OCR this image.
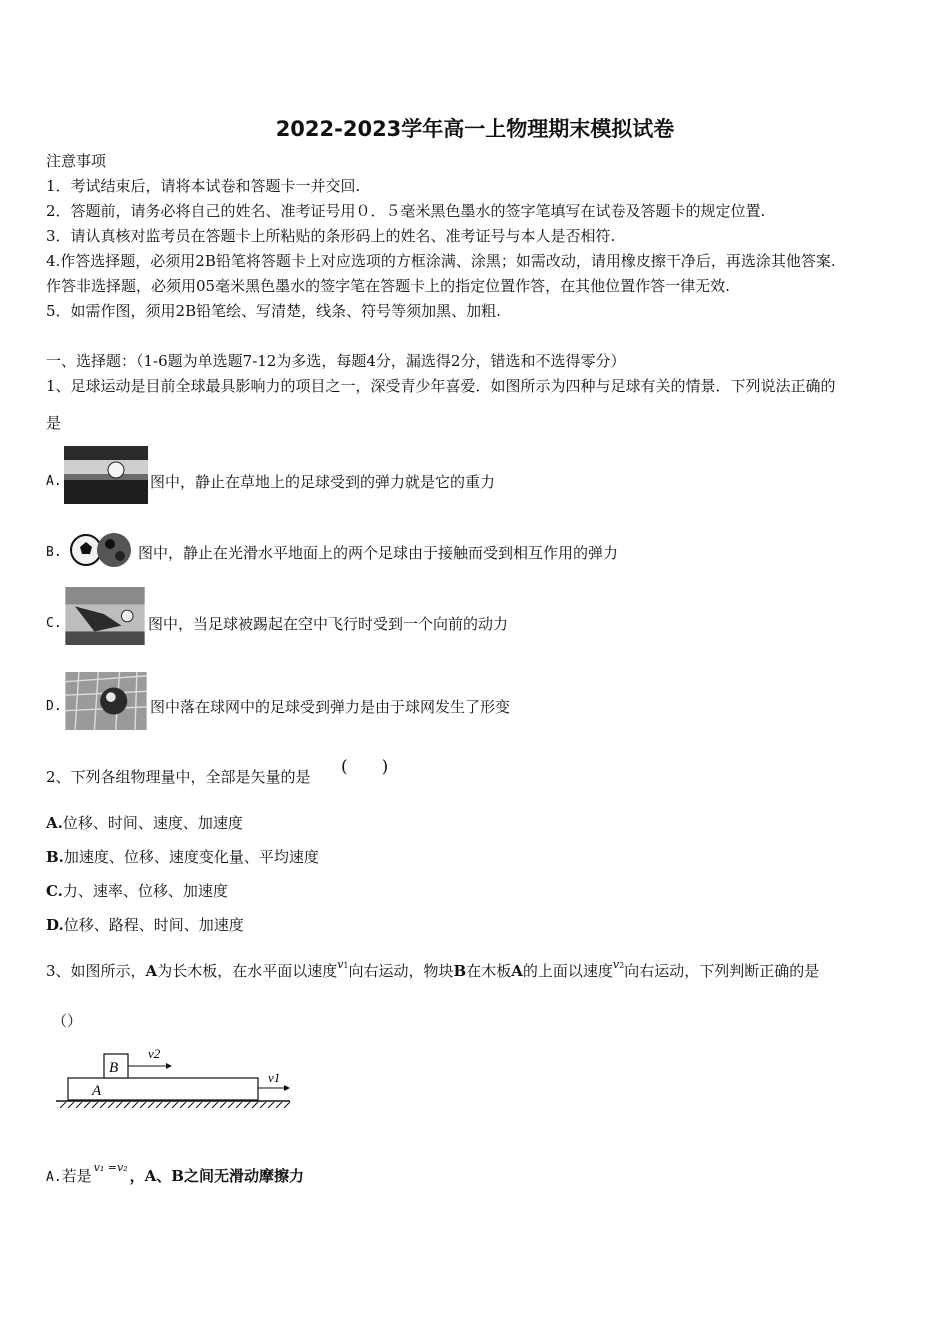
2022-2023学年高一上物理期末模拟试卷
注意事项
1．考试结束后，请将本试卷和答题卡一并交回.
2．答题前，请务必将自己的姓名、准考证号用０．５毫米黑色墨水的签字笔填写在试卷及答题卡的规定位置.
3．请认真核对监考员在答题卡上所粘贴的条形码上的姓名、准考证号与本人是否相符.
4.作答选择题，必须用2B铅笔将答题卡上对应选项的方框涂满、涂黑；如需改动，请用橡皮擦干净后，再选涂其他答案.
作答非选择题，必须用05毫米黑色墨水的签字笔在答题卡上的指定位置作答，在其他位置作答一律无效.
5．如需作图，须用2B铅笔绘、写清楚，线条、符号等须加黑、加粗.
一、选择题：（1-6题为单选题7-12为多选，每题4分，漏选得2分，错选和不选得零分）
1、足球运动是目前全球最具影响力的项目之一，深受青少年喜爱．如图所示为四种与足球有关的情景．下列说法正确的
是
A.	图中，静止在草地上的足球受到的弹力就是它的重力
B.	图中，静止在光滑水平地面上的两个足球由于接触而受到相互作用的弹力
C.	图中，当足球被踢起在空中飞行时受到一个向前的动力
D.	图中落在球网中的足球受到弹力是由于球网发生了形变
2、下列各组物理量中，全部是矢量的是 (　　)
A.位移、时间、速度、加速度
B.加速度、位移、速度变化量、平均速度
C.力、速率、位移、加速度
D.位移、路程、时间、加速度
3、如图所示，A为长木板，在水平面以速度v1向右运动，物块B在木板A的上面以速度v2向右运动，下列判断正确的是
（）
A
B
v2
v1
A.若是 $^{v_1 =v_2}$ ，A、B之间无滑动摩擦力
